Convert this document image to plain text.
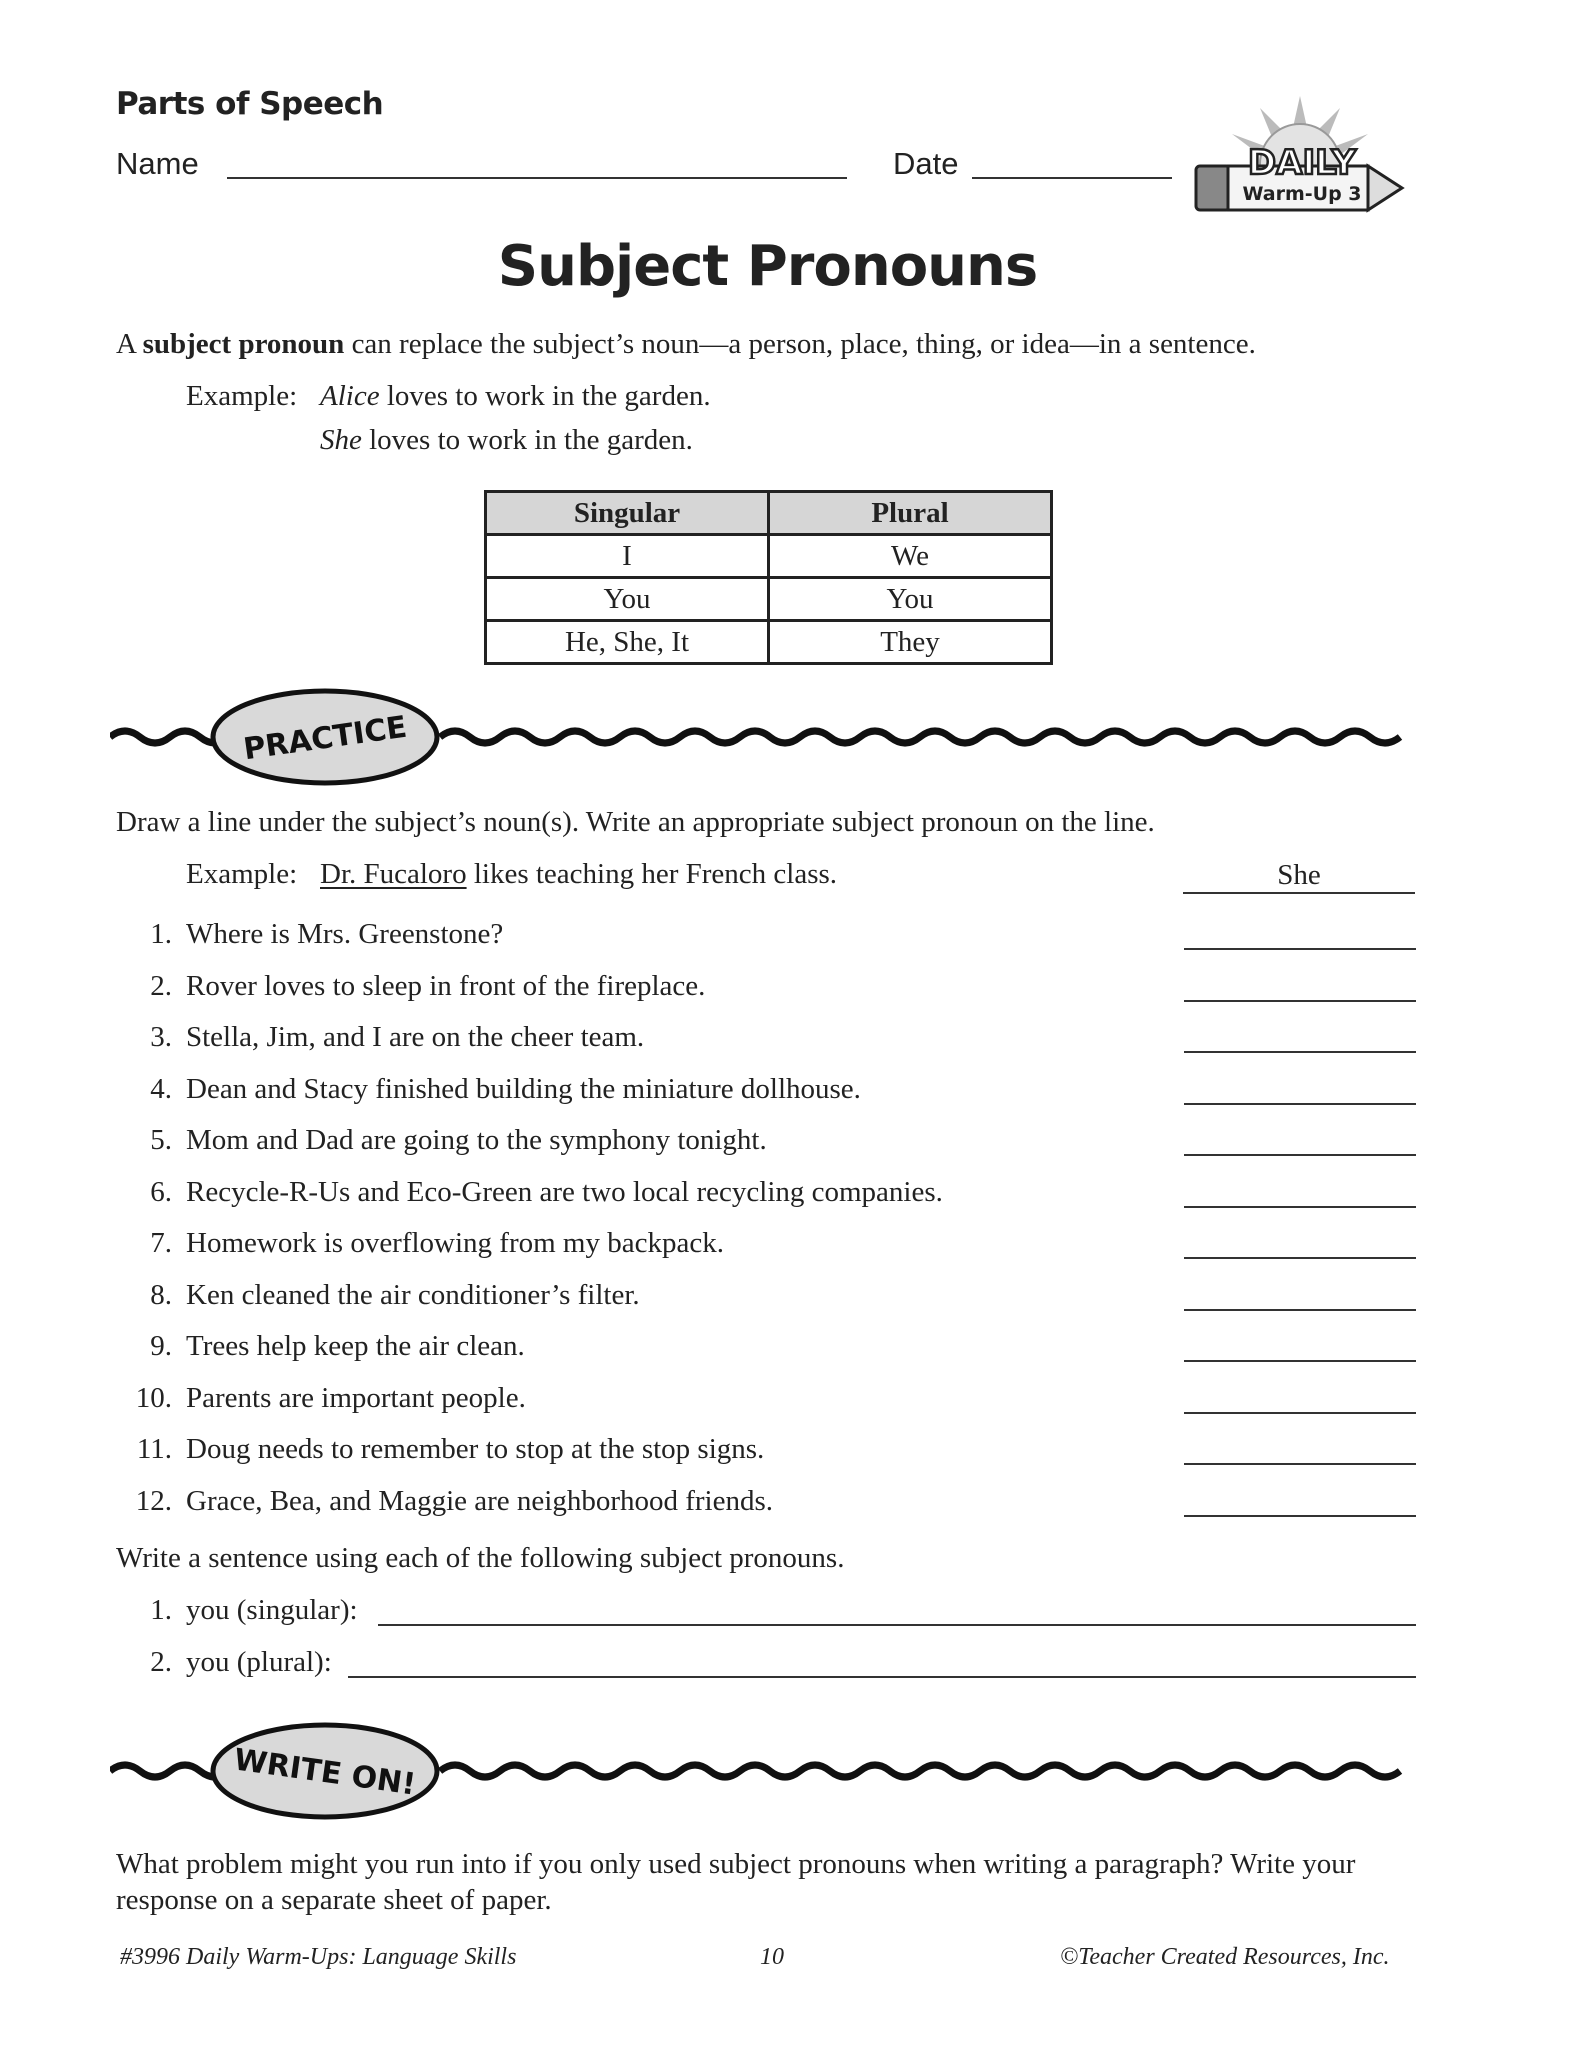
Parts of Speech
Name	Date	DAILY
Warm-Up 3
Subject Pronouns
A subject pronoun can replace the subject’s noun—a person, place, thing, or idea—in a sentence.
Example: Alice loves to work in the garden.
She loves to work in the garden.
Singular	Plural
I	We
You	You
He, She, It	They
PRACTICE
Draw a line under the subject’s noun(s). Write an appropriate subject pronoun on the line.
Example: Dr. Fucaloro likes teaching her French class.	She
1. Where is Mrs. Greenstone?
2. Rover loves to sleep in front of the fireplace.
3. Stella, Jim, and I are on the cheer team.
4. Dean and Stacy finished building the miniature dollhouse.
5. Mom and Dad are going to the symphony tonight.
6. Recycle-R-Us and Eco-Green are two local recycling companies.
7. Homework is overflowing from my backpack.
8. Ken cleaned the air conditioner’s filter.
9. Trees help keep the air clean.
10. Parents are important people.
11. Doug needs to remember to stop at the stop signs.
12. Grace, Bea, and Maggie are neighborhood friends.
Write a sentence using each of the following subject pronouns.
1. you (singular):
2. you (plural):
WRITE ON!
What problem might you run into if you only used subject pronouns when writing a paragraph? Write your response on a separate sheet of paper.
#3996 Daily Warm-Ups: Language Skills	10	©Teacher Created Resources, Inc.
